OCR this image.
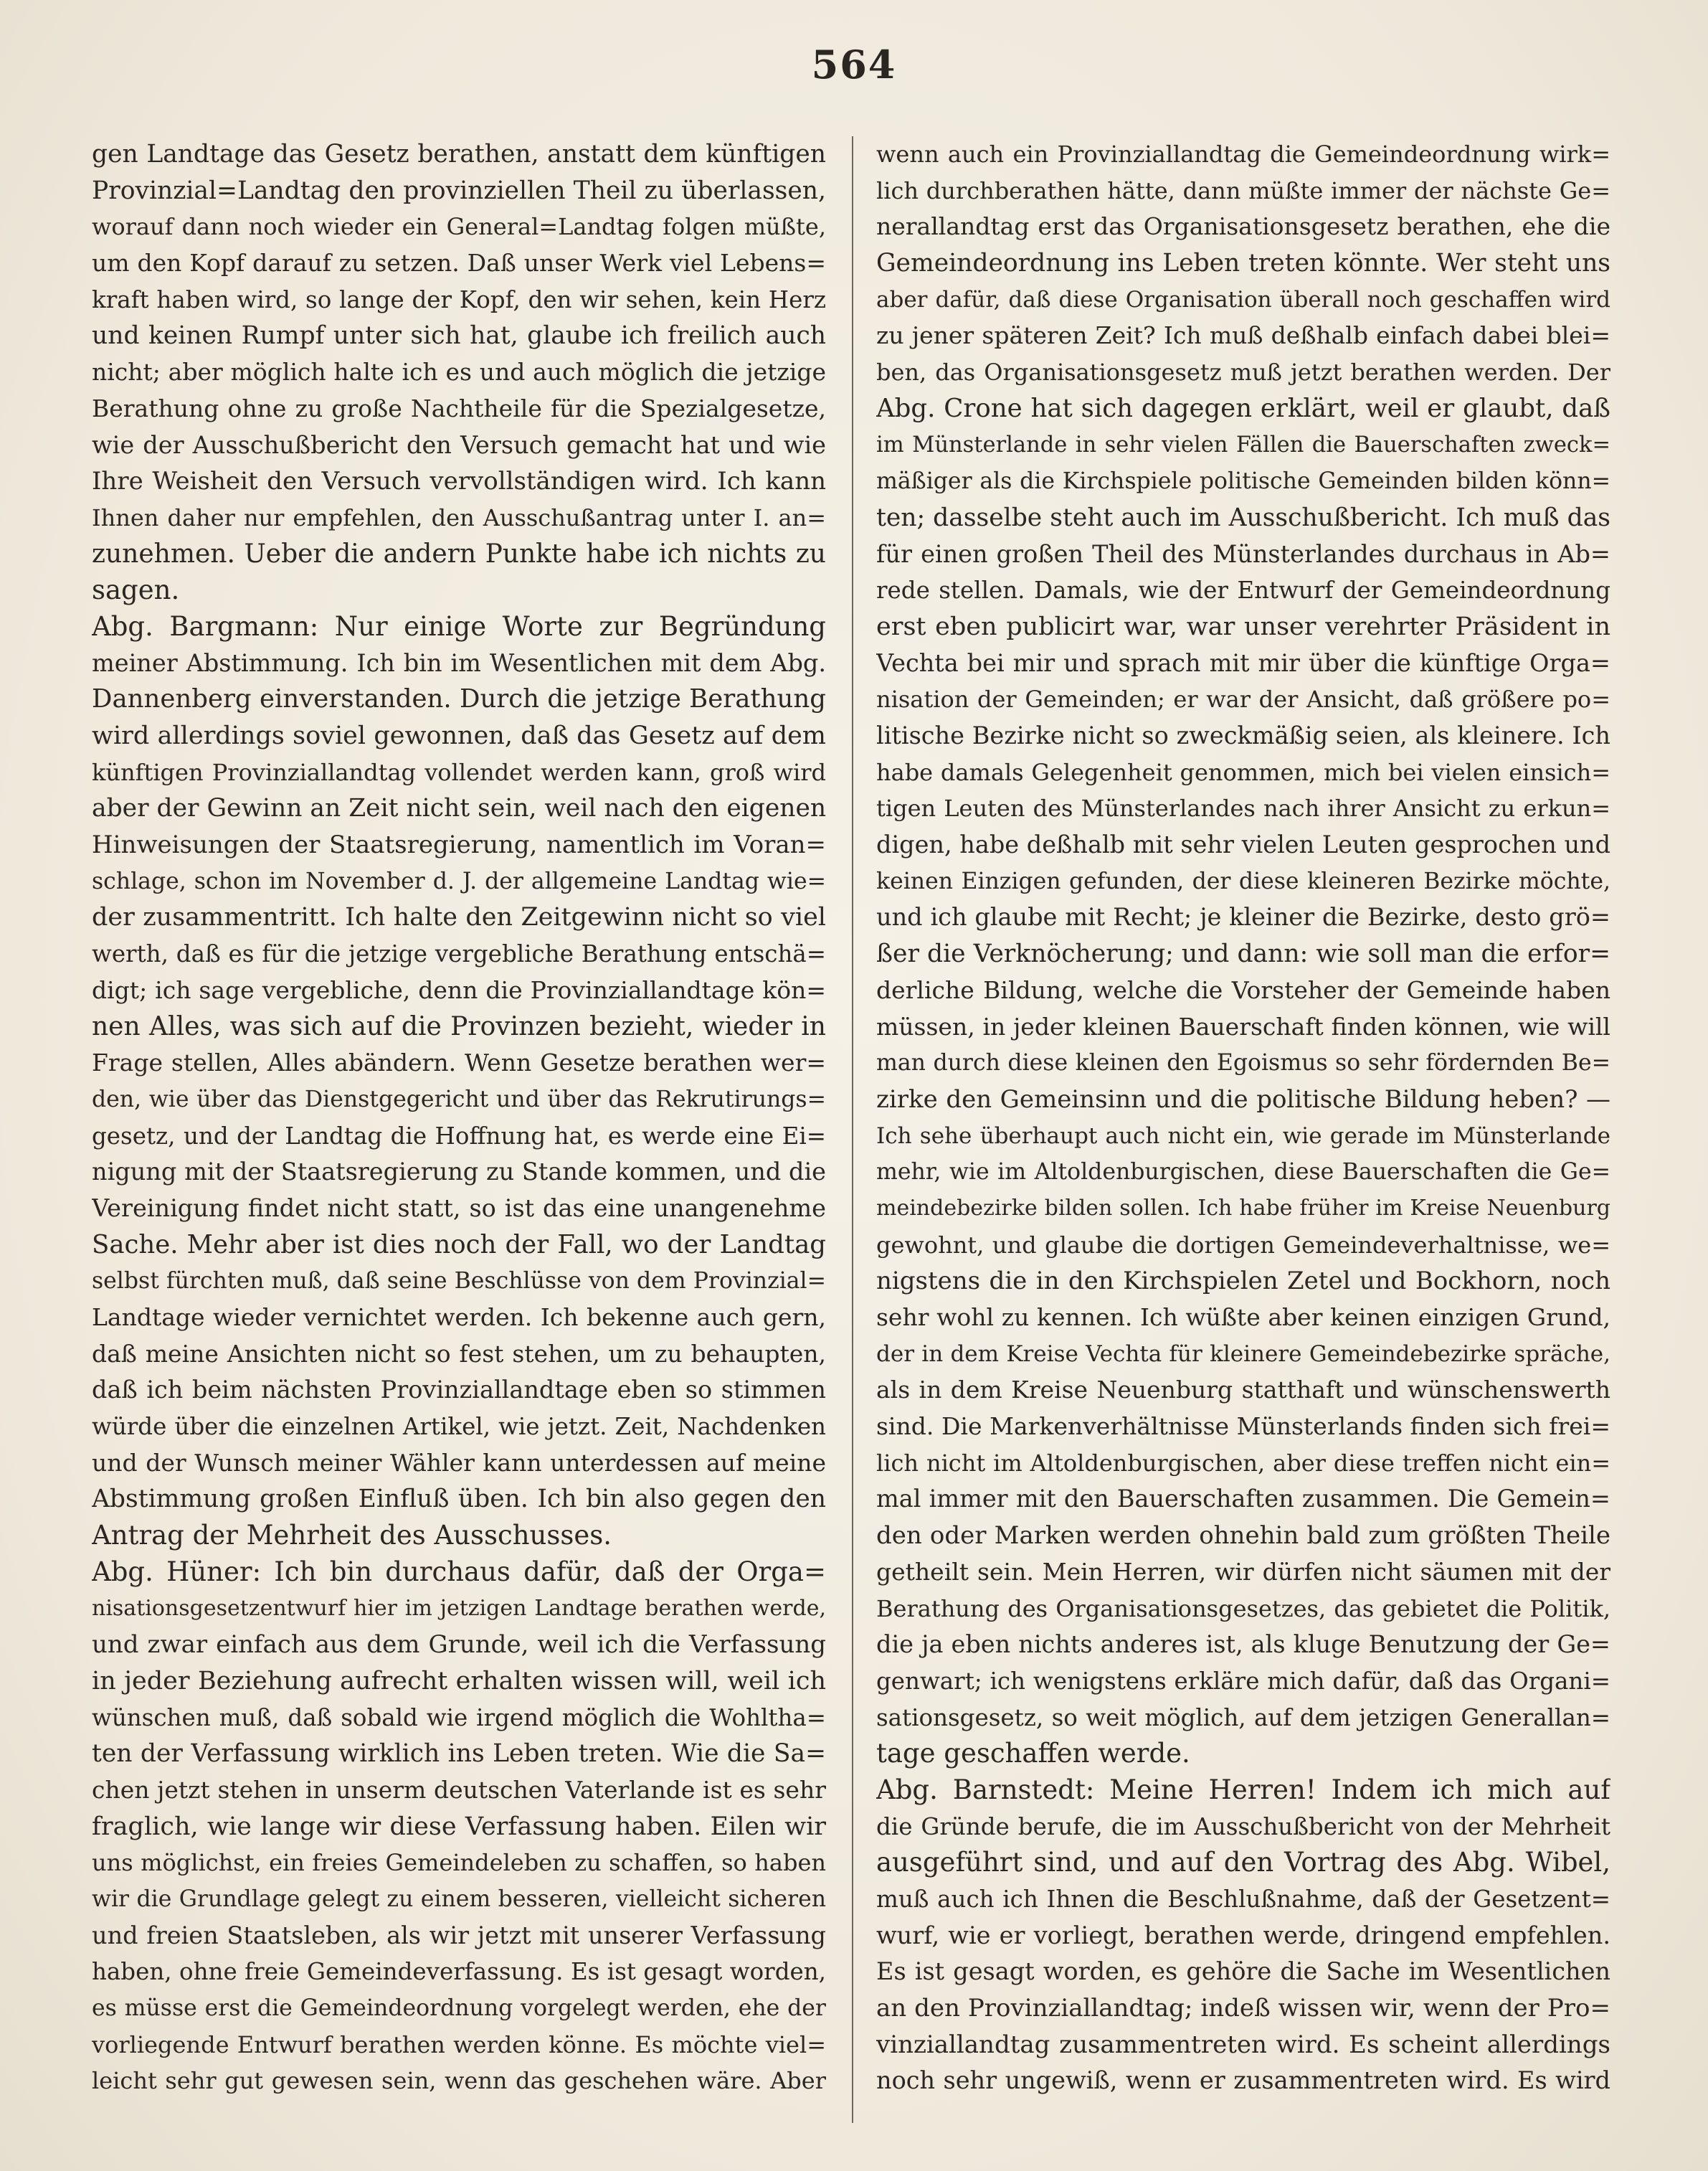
564
gen Landtage das Gesetz berathen, anstatt dem künftigen
Provinzial=Landtag den provinziellen Theil zu überlassen,
worauf dann noch wieder ein General=Landtag folgen müßte,
um den Kopf darauf zu setzen. Daß unser Werk viel Lebens=
kraft haben wird, so lange der Kopf, den wir sehen, kein Herz
und keinen Rumpf unter sich hat, glaube ich freilich auch
nicht; aber möglich halte ich es und auch möglich die jetzige
Berathung ohne zu große Nachtheile für die Spezialgesetze,
wie der Ausschußbericht den Versuch gemacht hat und wie
Ihre Weisheit den Versuch vervollständigen wird. Ich kann
Ihnen daher nur empfehlen, den Ausschußantrag unter I. an=
zunehmen. Ueber die andern Punkte habe ich nichts zu
sagen.
Abg. Bargmann: Nur einige Worte zur Begründung
meiner Abstimmung. Ich bin im Wesentlichen mit dem Abg.
Dannenberg einverstanden. Durch die jetzige Berathung
wird allerdings soviel gewonnen, daß das Gesetz auf dem
künftigen Provinziallandtag vollendet werden kann, groß wird
aber der Gewinn an Zeit nicht sein, weil nach den eigenen
Hinweisungen der Staatsregierung, namentlich im Voran=
schlage, schon im November d. J. der allgemeine Landtag wie=
der zusammentritt. Ich halte den Zeitgewinn nicht so viel
werth, daß es für die jetzige vergebliche Berathung entschä=
digt; ich sage vergebliche, denn die Provinziallandtage kön=
nen Alles, was sich auf die Provinzen bezieht, wieder in
Frage stellen, Alles abändern. Wenn Gesetze berathen wer=
den, wie über das Dienstgegericht und über das Rekrutirungs=
gesetz, und der Landtag die Hoffnung hat, es werde eine Ei=
nigung mit der Staatsregierung zu Stande kommen, und die
Vereinigung findet nicht statt, so ist das eine unangenehme
Sache. Mehr aber ist dies noch der Fall, wo der Landtag
selbst fürchten muß, daß seine Beschlüsse von dem Provinzial=
Landtage wieder vernichtet werden. Ich bekenne auch gern,
daß meine Ansichten nicht so fest stehen, um zu behaupten,
daß ich beim nächsten Provinziallandtage eben so stimmen
würde über die einzelnen Artikel, wie jetzt. Zeit, Nachdenken
und der Wunsch meiner Wähler kann unterdessen auf meine
Abstimmung großen Einfluß üben. Ich bin also gegen den
Antrag der Mehrheit des Ausschusses.
Abg. Hüner: Ich bin durchaus dafür, daß der Orga=
nisationsgesetzentwurf hier im jetzigen Landtage berathen werde,
und zwar einfach aus dem Grunde, weil ich die Verfassung
in jeder Beziehung aufrecht erhalten wissen will, weil ich
wünschen muß, daß sobald wie irgend möglich die Wohltha=
ten der Verfassung wirklich ins Leben treten. Wie die Sa=
chen jetzt stehen in unserm deutschen Vaterlande ist es sehr
fraglich, wie lange wir diese Verfassung haben. Eilen wir
uns möglichst, ein freies Gemeindeleben zu schaffen, so haben
wir die Grundlage gelegt zu einem besseren, vielleicht sicheren
und freien Staatsleben, als wir jetzt mit unserer Verfassung
haben, ohne freie Gemeindeverfassung. Es ist gesagt worden,
es müsse erst die Gemeindeordnung vorgelegt werden, ehe der
vorliegende Entwurf berathen werden könne. Es möchte viel=
leicht sehr gut gewesen sein, wenn das geschehen wäre. Aber
wenn auch ein Provinziallandtag die Gemeindeordnung wirk=
lich durchberathen hätte, dann müßte immer der nächste Ge=
nerallandtag erst das Organisationsgesetz berathen, ehe die
Gemeindeordnung ins Leben treten könnte. Wer steht uns
aber dafür, daß diese Organisation überall noch geschaffen wird
zu jener späteren Zeit? Ich muß deßhalb einfach dabei blei=
ben, das Organisationsgesetz muß jetzt berathen werden. Der
Abg. Crone hat sich dagegen erklärt, weil er glaubt, daß
im Münsterlande in sehr vielen Fällen die Bauerschaften zweck=
mäßiger als die Kirchspiele politische Gemeinden bilden könn=
ten; dasselbe steht auch im Ausschußbericht. Ich muß das
für einen großen Theil des Münsterlandes durchaus in Ab=
rede stellen. Damals, wie der Entwurf der Gemeindeordnung
erst eben publicirt war, war unser verehrter Präsident in
Vechta bei mir und sprach mit mir über die künftige Orga=
nisation der Gemeinden; er war der Ansicht, daß größere po=
litische Bezirke nicht so zweckmäßig seien, als kleinere. Ich
habe damals Gelegenheit genommen, mich bei vielen einsich=
tigen Leuten des Münsterlandes nach ihrer Ansicht zu erkun=
digen, habe deßhalb mit sehr vielen Leuten gesprochen und
keinen Einzigen gefunden, der diese kleineren Bezirke möchte,
und ich glaube mit Recht; je kleiner die Bezirke, desto grö=
ßer die Verknöcherung; und dann: wie soll man die erfor=
derliche Bildung, welche die Vorsteher der Gemeinde haben
müssen, in jeder kleinen Bauerschaft finden können, wie will
man durch diese kleinen den Egoismus so sehr fördernden Be=
zirke den Gemeinsinn und die politische Bildung heben? —
Ich sehe überhaupt auch nicht ein, wie gerade im Münsterlande
mehr, wie im Altoldenburgischen, diese Bauerschaften die Ge=
meindebezirke bilden sollen. Ich habe früher im Kreise Neuenburg
gewohnt, und glaube die dortigen Gemeindeverhaltnisse, we=
nigstens die in den Kirchspielen Zetel und Bockhorn, noch
sehr wohl zu kennen. Ich wüßte aber keinen einzigen Grund,
der in dem Kreise Vechta für kleinere Gemeindebezirke spräche,
als in dem Kreise Neuenburg statthaft und wünschenswerth
sind. Die Markenverhältnisse Münsterlands finden sich frei=
lich nicht im Altoldenburgischen, aber diese treffen nicht ein=
mal immer mit den Bauerschaften zusammen. Die Gemein=
den oder Marken werden ohnehin bald zum größten Theile
getheilt sein. Mein Herren, wir dürfen nicht säumen mit der
Berathung des Organisationsgesetzes, das gebietet die Politik,
die ja eben nichts anderes ist, als kluge Benutzung der Ge=
genwart; ich wenigstens erkläre mich dafür, daß das Organi=
sationsgesetz, so weit möglich, auf dem jetzigen Generallan=
tage geschaffen werde.
Abg. Barnstedt: Meine Herren! Indem ich mich auf
die Gründe berufe, die im Ausschußbericht von der Mehrheit
ausgeführt sind, und auf den Vortrag des Abg. Wibel,
muß auch ich Ihnen die Beschlußnahme, daß der Gesetzent=
wurf, wie er vorliegt, berathen werde, dringend empfehlen.
Es ist gesagt worden, es gehöre die Sache im Wesentlichen
an den Provinziallandtag; indeß wissen wir, wenn der Pro=
vinziallandtag zusammentreten wird. Es scheint allerdings
noch sehr ungewiß, wenn er zusammentreten wird. Es wird
